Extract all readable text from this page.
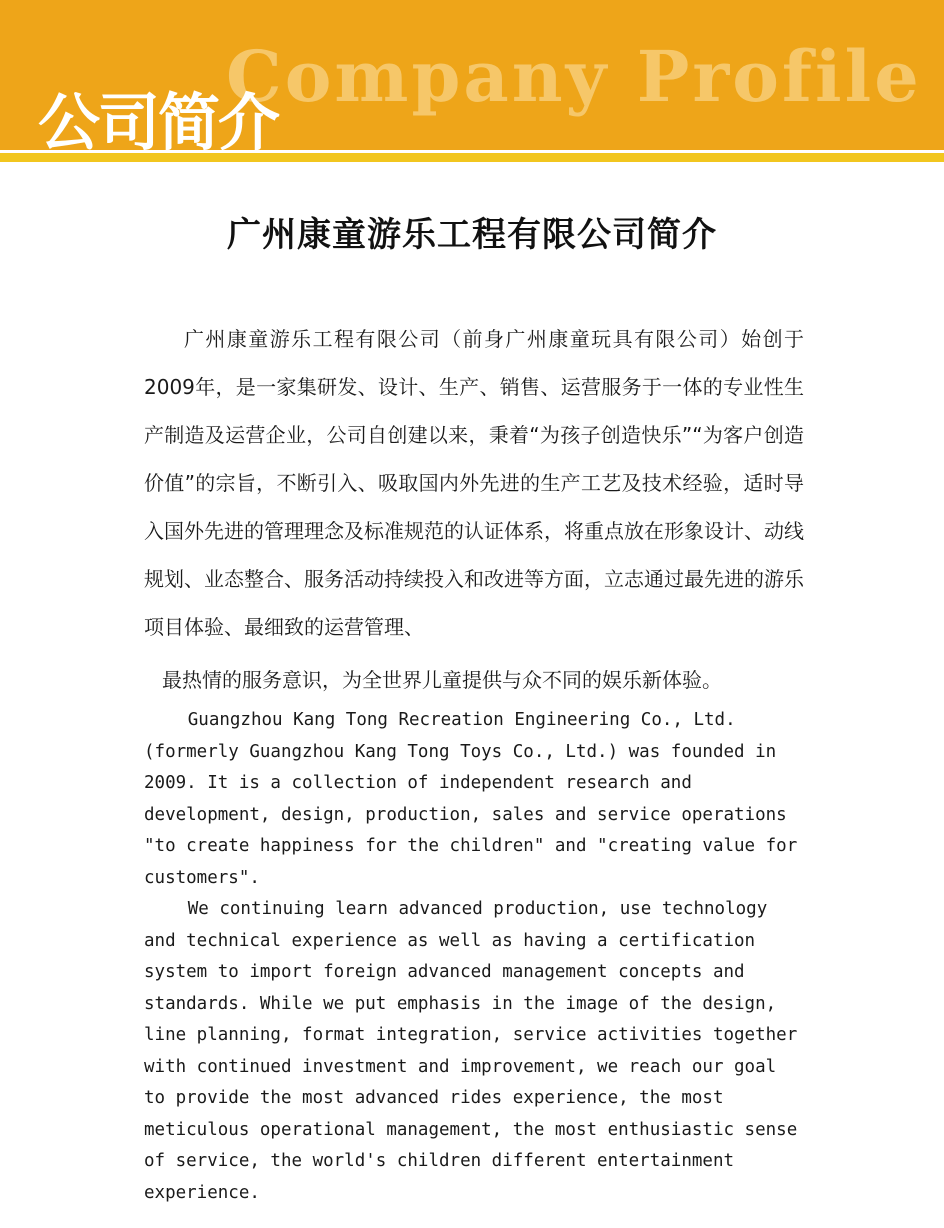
Company Profile
公司简介
广州康童游乐工程有限公司简介
广州康童游乐工程有限公司（前身广州康童玩具有限公司）始创于2009年，是一家集研发、设计、生产、销售、运营服务于一体的专业性生产制造及运营企业，公司自创建以来，秉着“为孩子创造快乐”“为客户创造价值”的宗旨，不断引入、吸取国内外先进的生产工艺及技术经验，适时导入国外先进的管理理念及标准规范的认证体系，将重点放在形象设计、动线规划、业态整合、服务活动持续投入和改进等方面，立志通过最先进的游乐项目体验、最细致的运营管理、
最热情的服务意识，为全世界儿童提供与众不同的娱乐新体验。

Guangzhou Kang Tong Recreation Engineering Co., Ltd. (formerly Guangzhou Kang Tong Toys Co., Ltd.) was founded in 2009. It is a collection of independent research and development, design, production, sales and service operations "to create happiness for the children" and "creating value for customers".

We continuing learn advanced production, use technology and technical experience as well as having a certification system to import foreign advanced management concepts and standards. While we put emphasis in the image of the design, line planning, format integration, service activities together with continued investment and improvement, we reach our goal to provide the most advanced rides experience, the most meticulous operational management, the most enthusiastic sense of service, the world's children different entertainment experience.
